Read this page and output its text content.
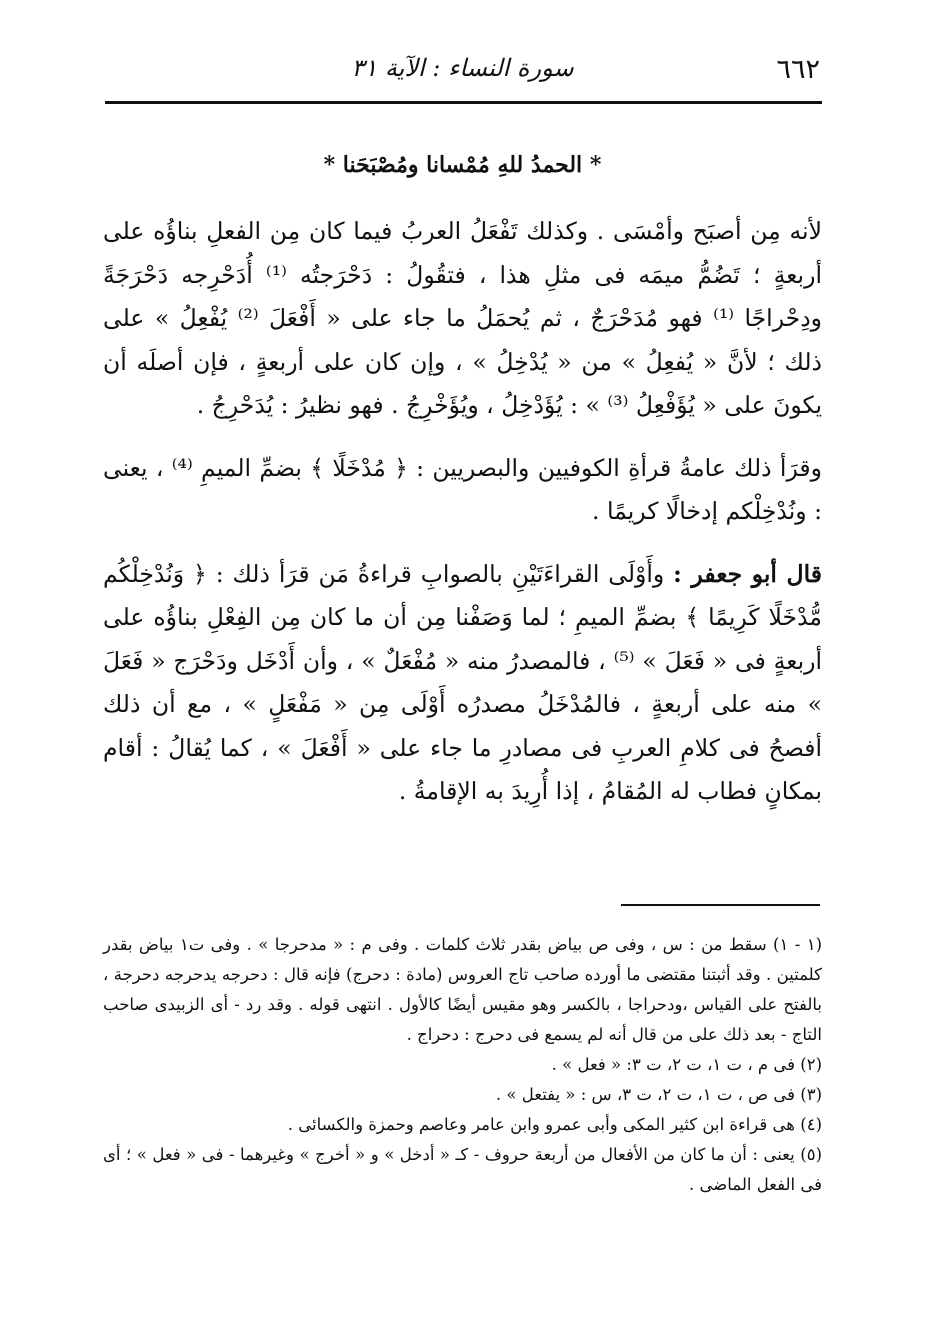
٦٦٢
سورة النساء : الآية ٣١
* الحمدُ للهِ مُمْسانا ومُصْبَحَنا *

لأنه مِن أصبَح وأمْسَى . وكذلك تَفْعَلُ العربُ فيما كان مِن الفعلِ بناؤُه على أربعةٍ ؛ تَضُمُّ ميمَه فى مثلِ هذا ، فتقُولُ : دَحْرَجتُه ⁽¹⁾ أُدَحْرِجه دَحْرَجَةً ودِحْراجًا ⁽¹⁾ فهو مُدَحْرَجٌ ، ثم يُحمَلُ ما جاء على « أَفْعَلَ ⁽²⁾ يُفْعِلُ » على ذلك ؛ لأنَّ « يُفعِلُ » من « يُدْخِلُ » ، وإن كان على أربعةٍ ، فإن أصلَه أن يكونَ على « يُؤَفْعِلُ ⁽³⁾ » : يُؤَدْخِلُ ، ويُؤَخْرِجُ . فهو نظيرُ : يُدَحْرِجُ .

وقرَأ ذلك عامةُ قرأةِ الكوفيين والبصريين : ﴿ مُدْخَلًا ﴾ بضمِّ الميمِ ⁽⁴⁾ ، يعنى : ونُدْخِلْكم إدخالًا كريمًا .

قال أبو جعفر : وأَوْلَى القراءَتَيْنِ بالصوابِ قراءةُ مَن قرَأ ذلك : ﴿ وَنُدْخِلْكُم مُّدْخَلًا كَرِيمًا ﴾ بضمِّ الميمِ ؛ لما وَصَفْنا مِن أن ما كان مِن الفِعْلِ بناؤُه على أربعةٍ فى « فَعَلَ » ⁽⁵⁾ ، فالمصدرُ منه « مُفْعَلٌ » ، وأن أَدْخَل ودَحْرَج « فَعَلَ » منه على أربعةٍ ، فالمُدْخَلُ مصدرُه أَوْلَى مِن « مَفْعَلٍ » ، مع أن ذلك أفصحُ فى كلامِ العربِ فى مصادرِ ما جاء على « أَفْعَلَ » ، كما يُقالُ : أقام بمكانٍ فطاب له المُقامُ ، إذا أُرِيدَ به الإقامةُ .

(١ - ١) سقط من : س ، وفى ص بياض بقدر ثلاث كلمات . وفى م : « مدحرجا » . وفى ت١ بياض بقدر كلمتين . وقد أثبتنا مقتضى ما أورده صاحب تاج العروس (مادة : دحرج) فإنه قال : دحرجه يدحرجه دحرجة ، بالفتح على القياس ،ودحراجا ، بالكسر وهو مقيس أيضًا كالأول . انتهى قوله . وقد رد - أى الزبيدى صاحب التاج - بعد ذلك على من قال أنه لم يسمع فى دحرج : دحراج .

(٢) فى م ، ت ١، ت ٢، ت ٣: « فعل » .

(٣) فى ص ، ت ١، ت ٢، ت ٣، س : « يفتعل » .

(٤) هى قراءة ابن كثير المكى وأبى عمرو وابن عامر وعاصم وحمزة والكسائى .

(٥) يعنى : أن ما كان من الأفعال من أربعة حروف - كـ « أدخل » و « أخرج » وغيرهما - فى « فعل » ؛ أى فى الفعل الماضى .
